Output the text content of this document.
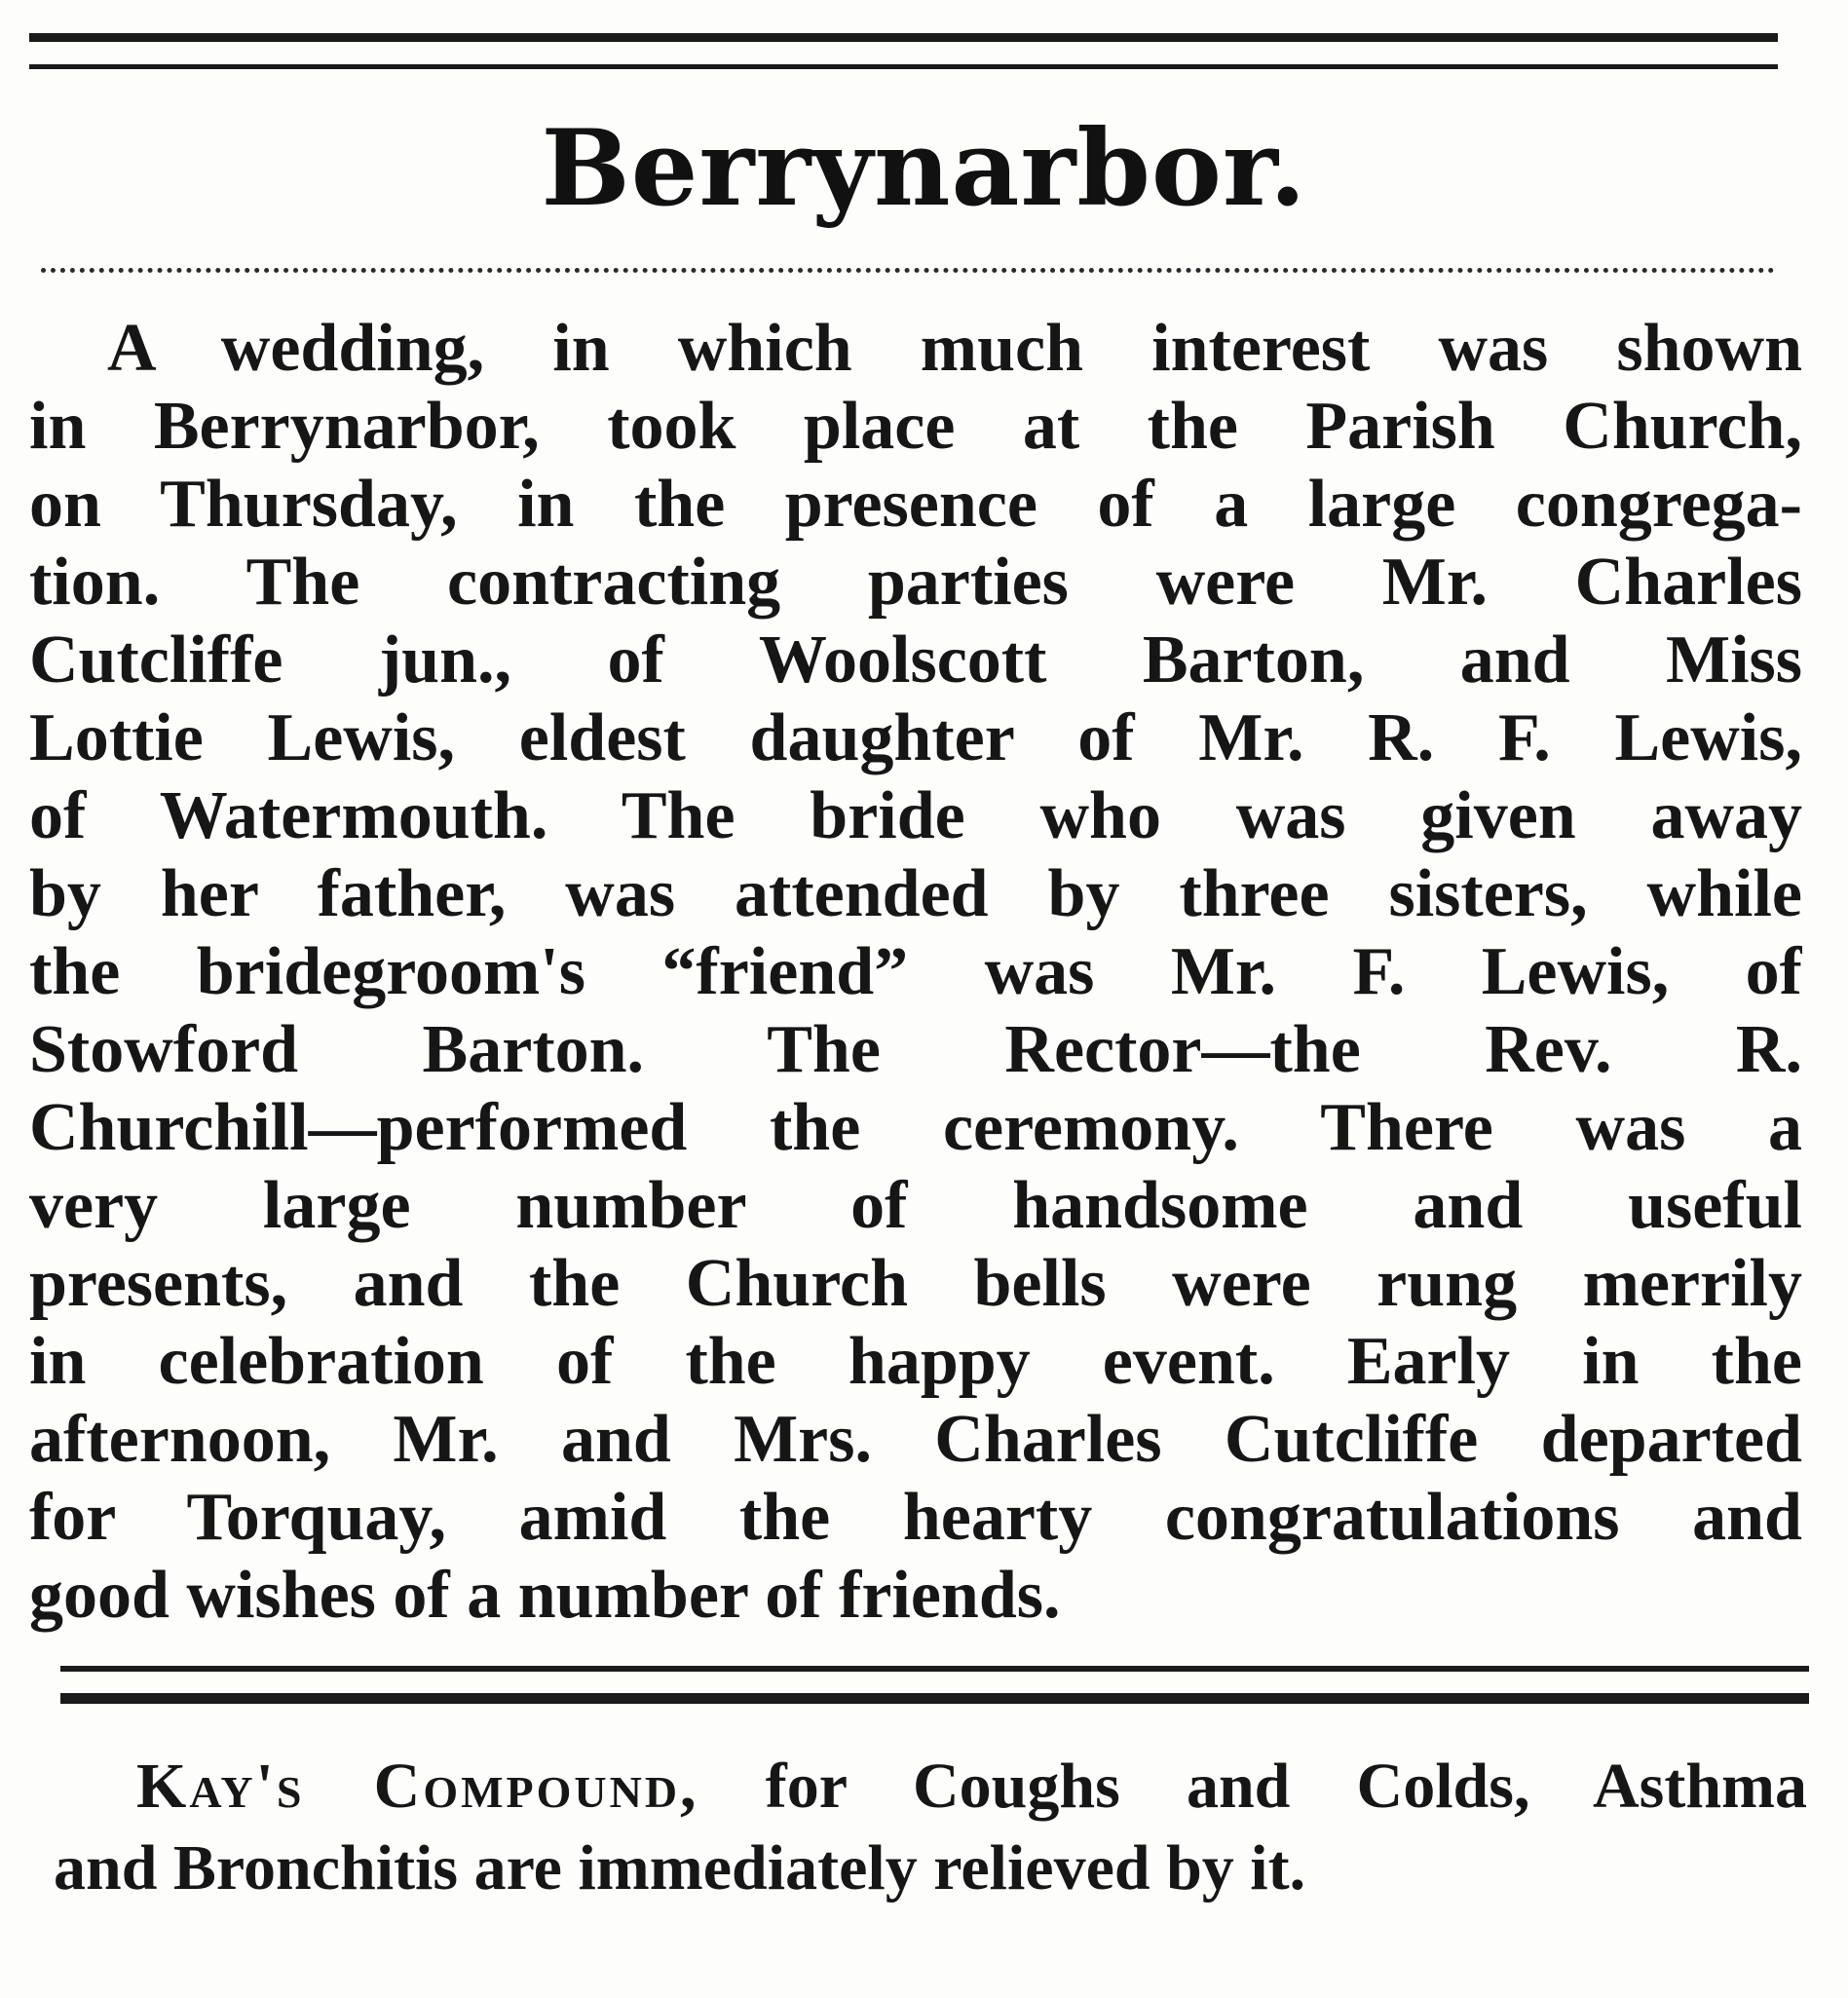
Berrynarbor.
A wedding, in which much interest was shown
in Berrynarbor, took place at the Parish Church,
on Thursday, in the presence of a large congrega-
tion. The contracting parties were Mr. Charles
Cutcliffe jun., of Woolscott Barton, and Miss
Lottie Lewis, eldest daughter of Mr. R. F. Lewis,
of Watermouth. The bride who was given away
by her father, was attended by three sisters, while
the bridegroom's “friend” was Mr. F. Lewis, of
Stowford Barton. The Rector—the Rev. R.
Churchill—performed the ceremony. There was a
very large number of handsome and useful
presents, and the Church bells were rung merrily
in celebration of the happy event. Early in the
afternoon, Mr. and Mrs. Charles Cutcliffe departed
for Torquay, amid the hearty congratulations and
good wishes of a number of friends.
Kay's Compound, for Coughs and Colds, Asthma
and Bronchitis are immediately relieved by it.
